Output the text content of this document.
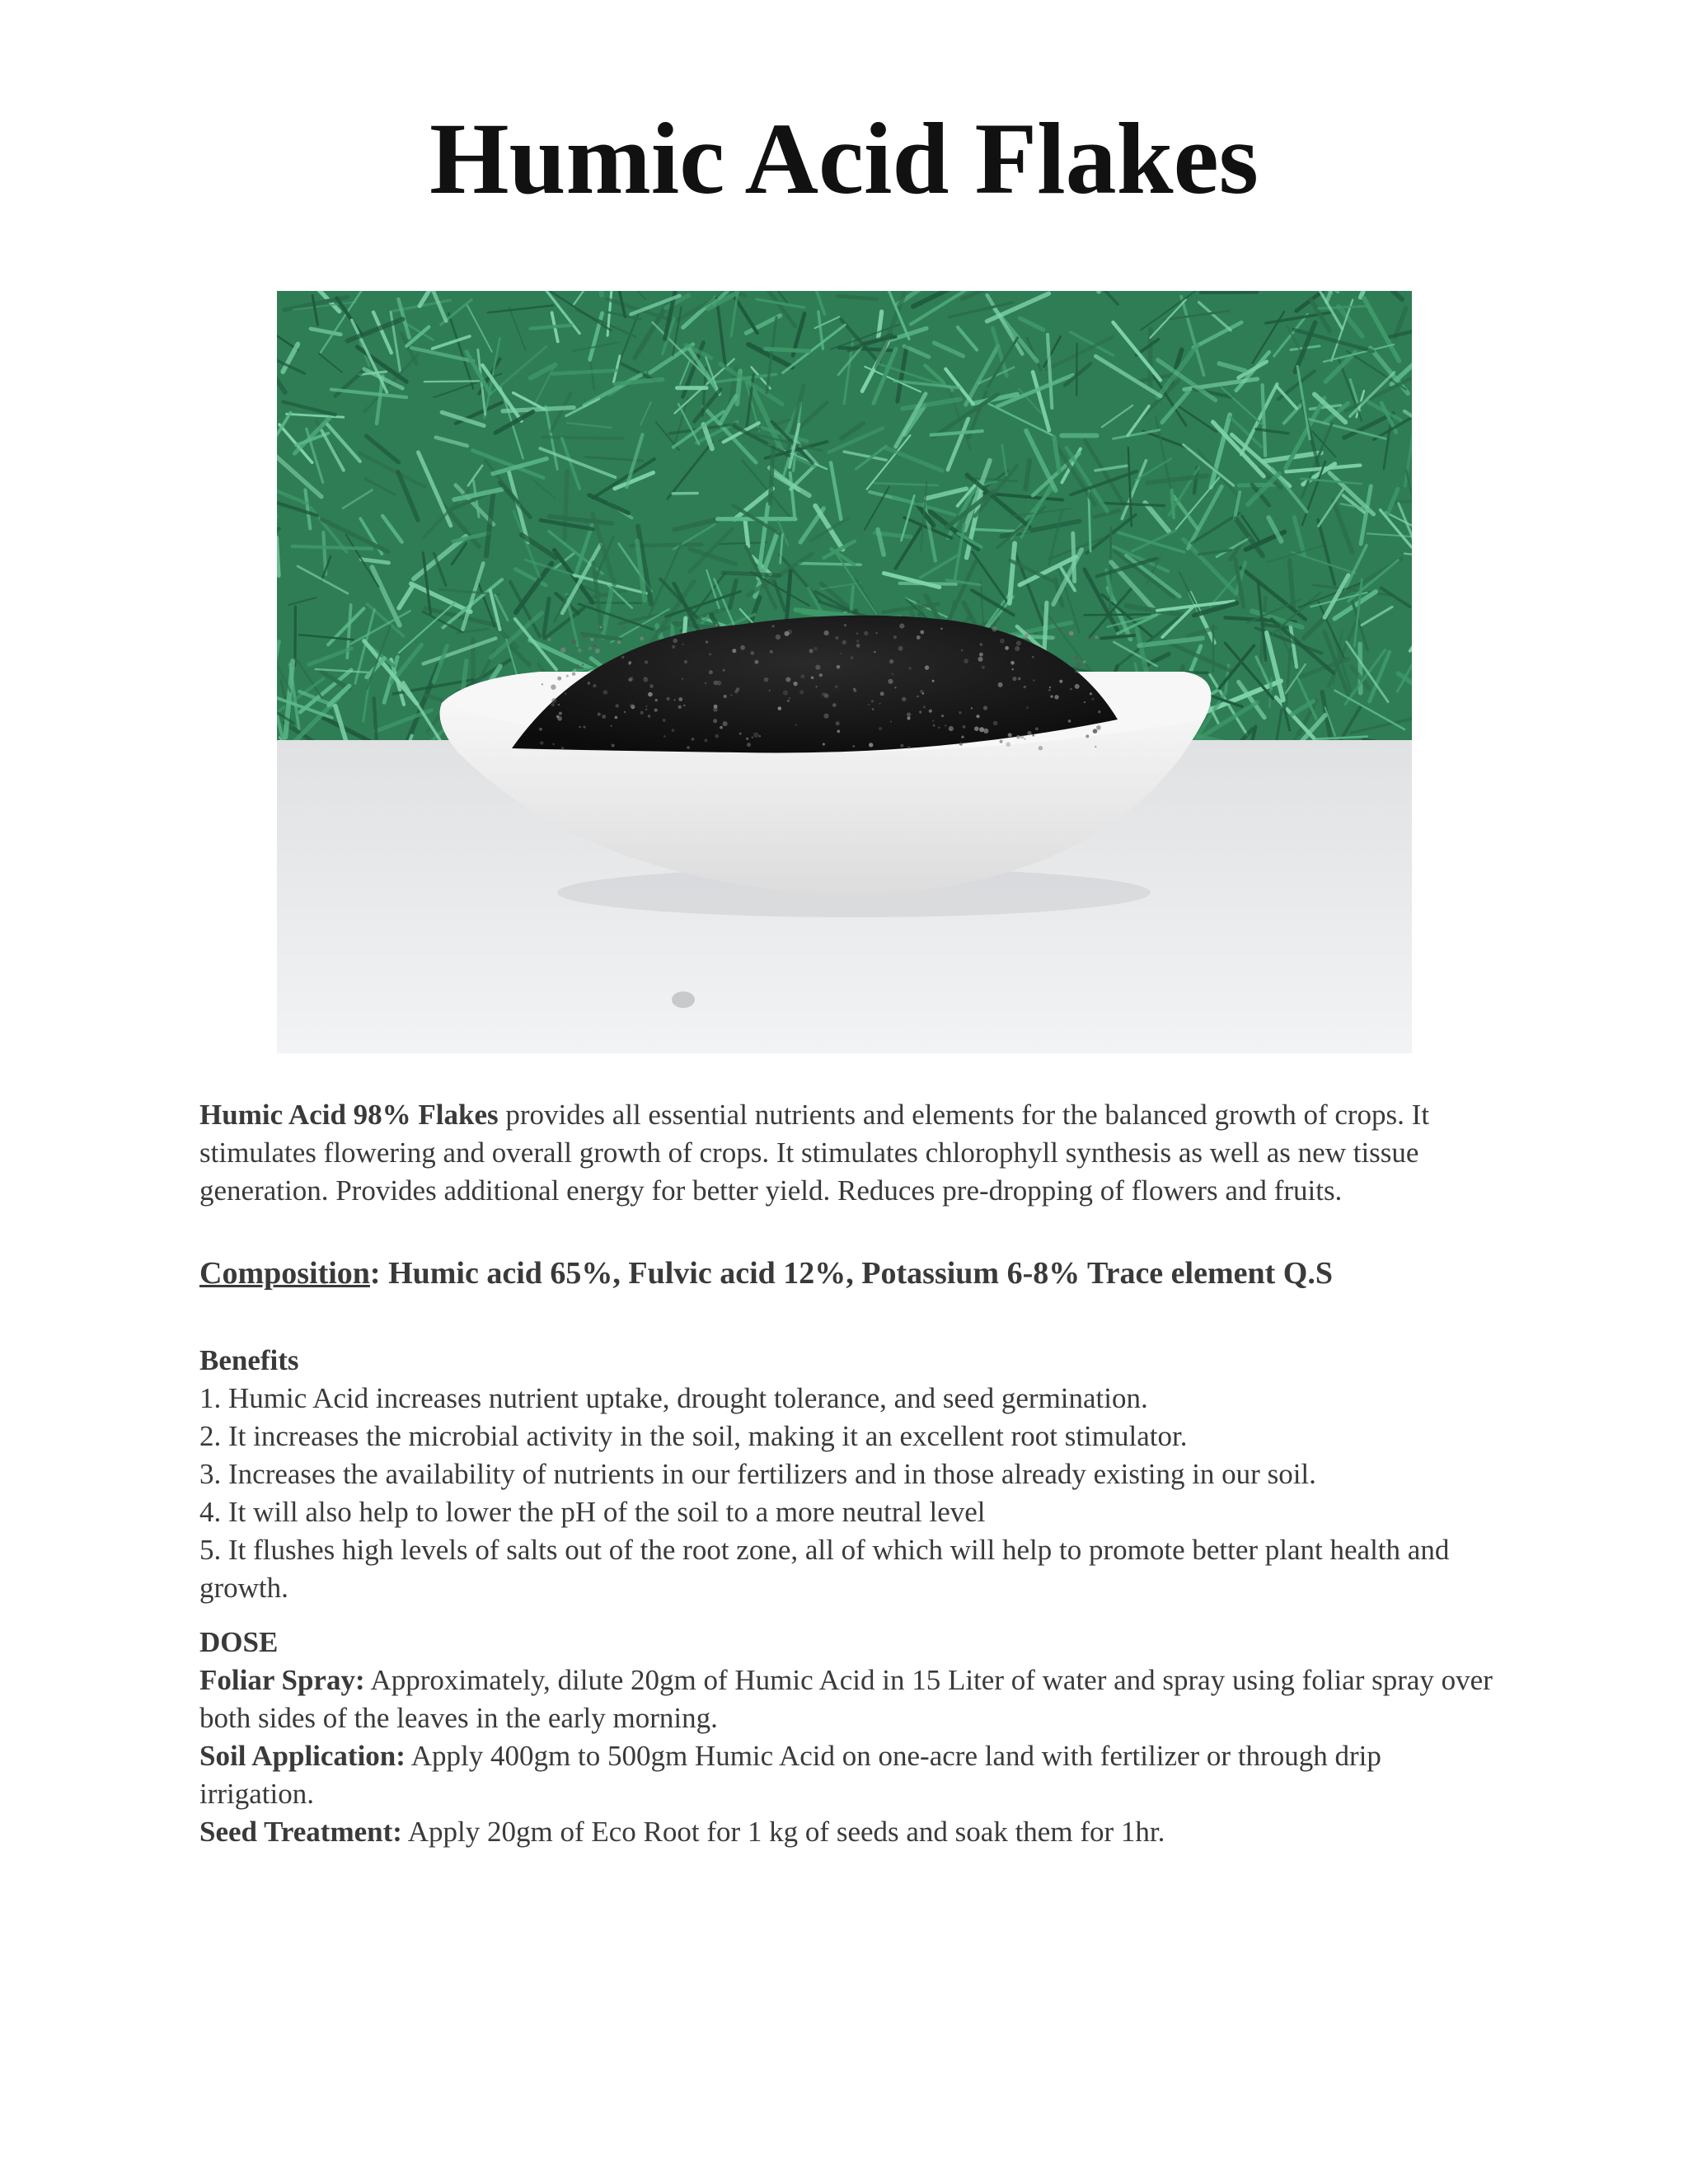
Humic Acid Flakes

Humic Acid 98% Flakes provides all essential nutrients and elements for the balanced growth of crops. It stimulates flowering and overall growth of crops. It stimulates chlorophyll synthesis as well as new tissue generation. Provides additional energy for better yield. Reduces pre-dropping of flowers and fruits.

Composition: Humic acid 65%, Fulvic acid 12%, Potassium 6-8% Trace element Q.S

Benefits

1. Humic Acid increases nutrient uptake, drought tolerance, and seed germination.

2. It increases the microbial activity in the soil, making it an excellent root stimulator.

3. Increases the availability of nutrients in our fertilizers and in those already existing in our soil.

4. It will also help to lower the pH of the soil to a more neutral level

5. It flushes high levels of salts out of the root zone, all of which will help to promote better plant health and

growth.

DOSE

Foliar Spray: Approximately, dilute 20gm of Humic Acid in 15 Liter of water and spray using foliar spray over both sides of the leaves in the early morning.

Soil Application: Apply 400gm to 500gm Humic Acid on one-acre land with fertilizer or through drip irrigation.

Seed Treatment: Apply 20gm of Eco Root for 1 kg of seeds and soak them for 1hr.
